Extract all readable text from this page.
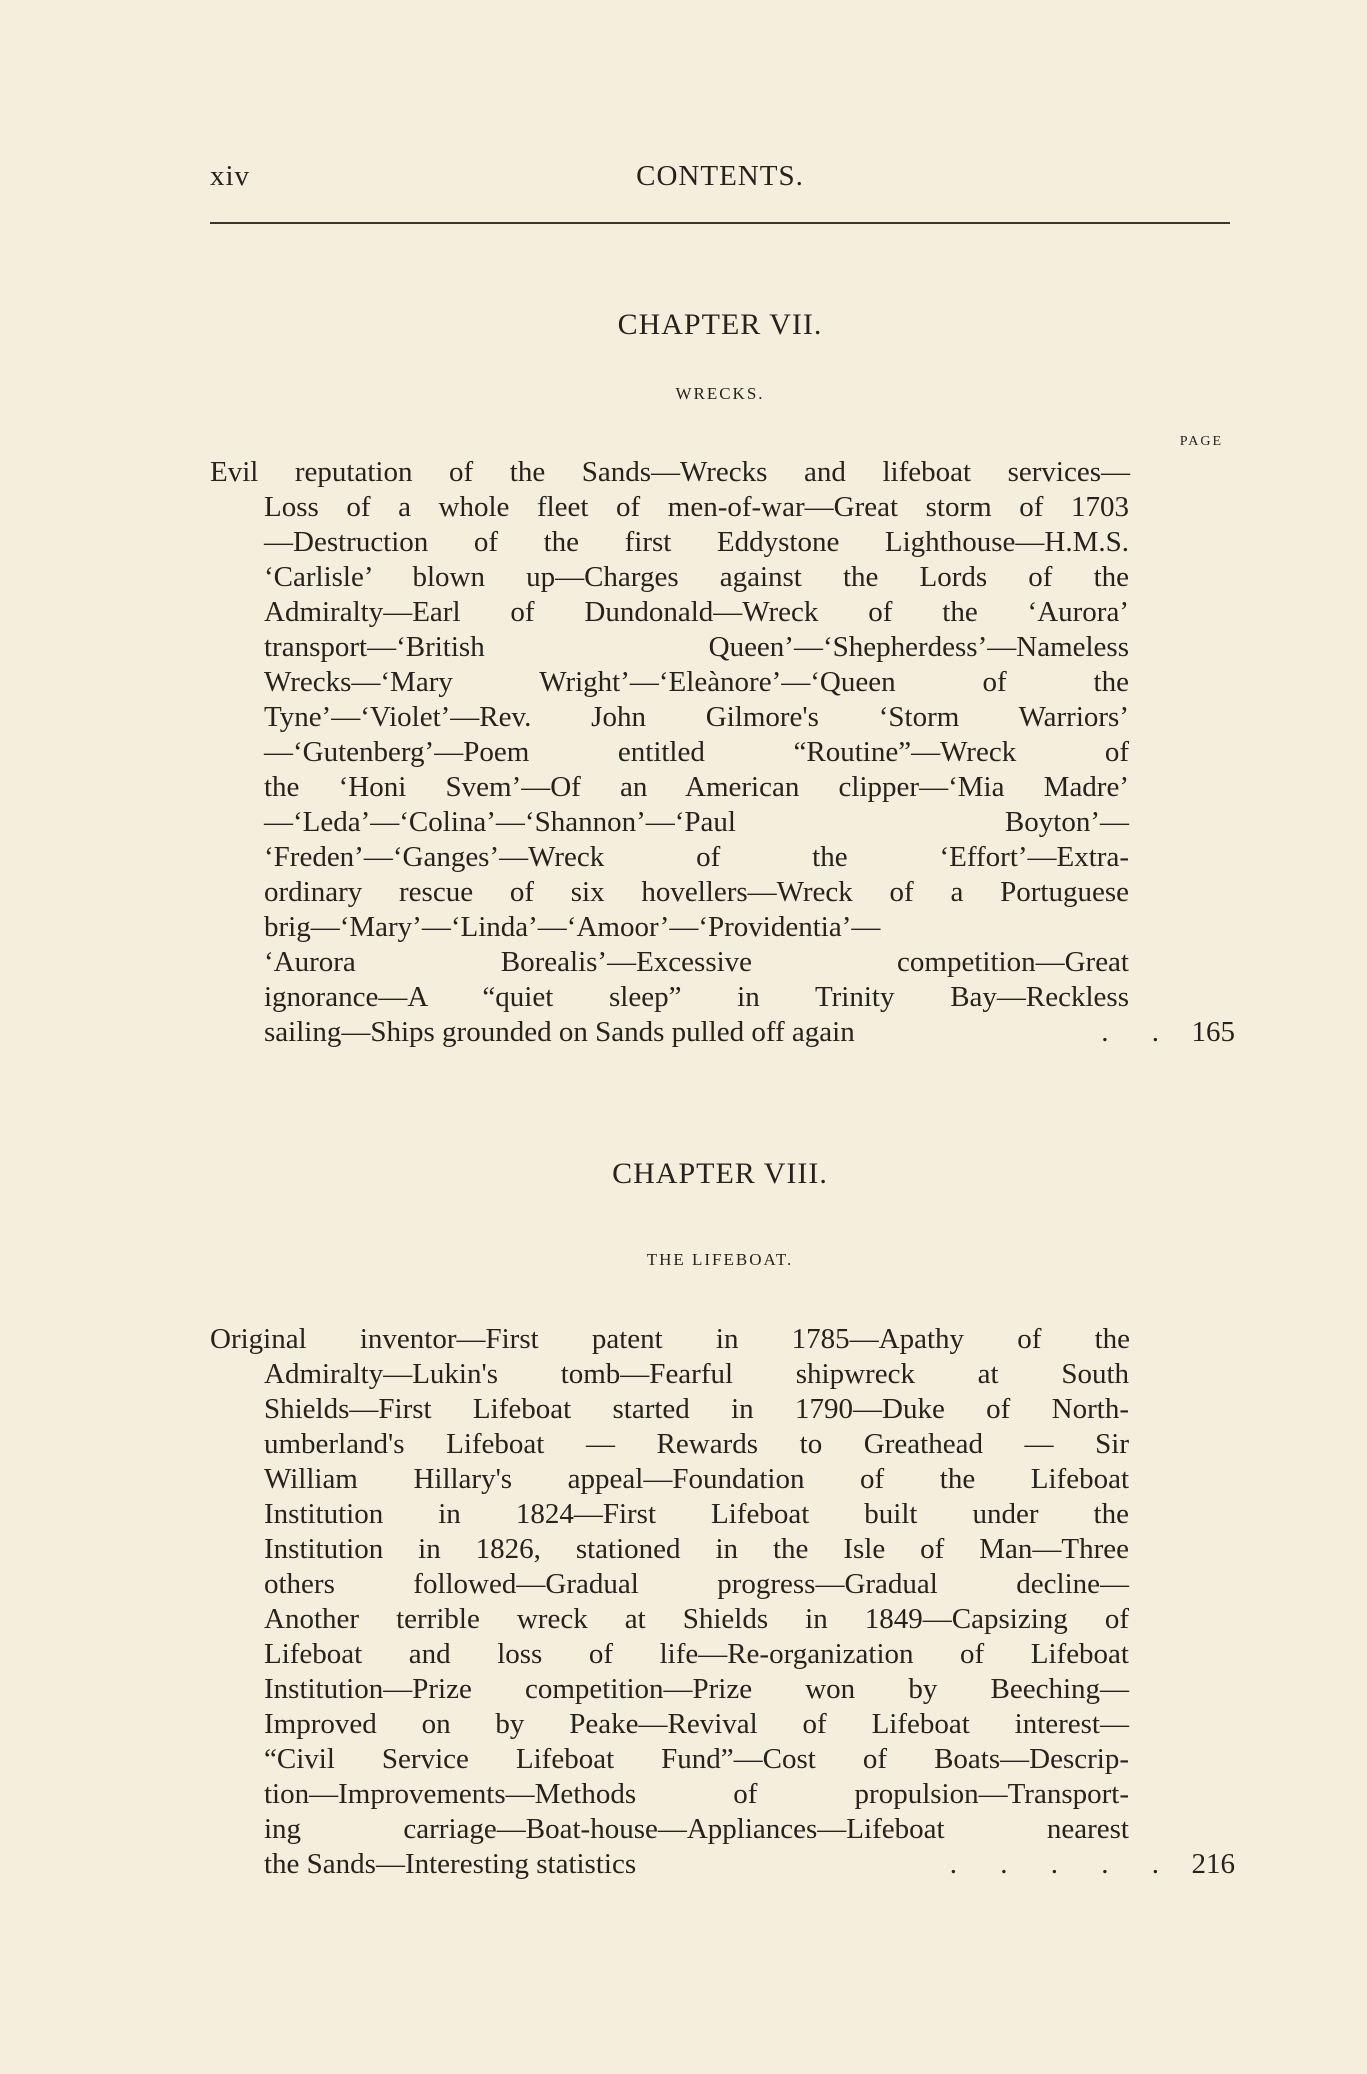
xiv	CONTENTS.
CHAPTER VII.
WRECKS.
PAGE
Evil reputation of the Sands—Wrecks and lifeboat services—
Loss of a whole fleet of men-of-war—Great storm of 1703
—Destruction of the first Eddystone Lighthouse—H.M.S.
‘Carlisle’ blown up—Charges against the Lords of the
Admiralty—Earl of Dundonald—Wreck of the ‘Aurora’
transport—‘British Queen’—‘Shepherdess’—Nameless
Wrecks—‘Mary Wright’—‘Eleànore’—‘Queen of the
Tyne’—‘Violet’—Rev. John Gilmore's ‘Storm Warriors’
—‘Gutenberg’—Poem entitled “Routine”—Wreck of
the ‘Honi Svem’—Of an American clipper—‘Mia Madre’
—‘Leda’—‘Colina’—‘Shannon’—‘Paul Boyton’—
‘Freden’—‘Ganges’—Wreck of the ‘Effort’—Extra-
ordinary rescue of six hovellers—Wreck of a Portuguese
brig—‘Mary’—‘Linda’—‘Amoor’—‘Providentia’—
‘Aurora Borealis’—Excessive competition—Great
ignorance—A “quiet sleep” in Trinity Bay—Reckless
sailing—Ships grounded on Sands pulled off again	. . 165
CHAPTER VIII.
THE LIFEBOAT.
Original inventor—First patent in 1785—Apathy of the
Admiralty—Lukin's tomb—Fearful shipwreck at South
Shields—First Lifeboat started in 1790—Duke of North-
umberland's Lifeboat — Rewards to Greathead — Sir
William Hillary's appeal—Foundation of the Lifeboat
Institution in 1824—First Lifeboat built under the
Institution in 1826, stationed in the Isle of Man—Three
others followed—Gradual progress—Gradual decline—
Another terrible wreck at Shields in 1849—Capsizing of
Lifeboat and loss of life—Re-organization of Lifeboat
Institution—Prize competition—Prize won by Beeching—
Improved on by Peake—Revival of Lifeboat interest—
“Civil Service Lifeboat Fund”—Cost of Boats—Descrip-
tion—Improvements—Methods of propulsion—Transport-
ing carriage—Boat-house—Appliances—Lifeboat nearest
the Sands—Interesting statistics	. . . . . 216
